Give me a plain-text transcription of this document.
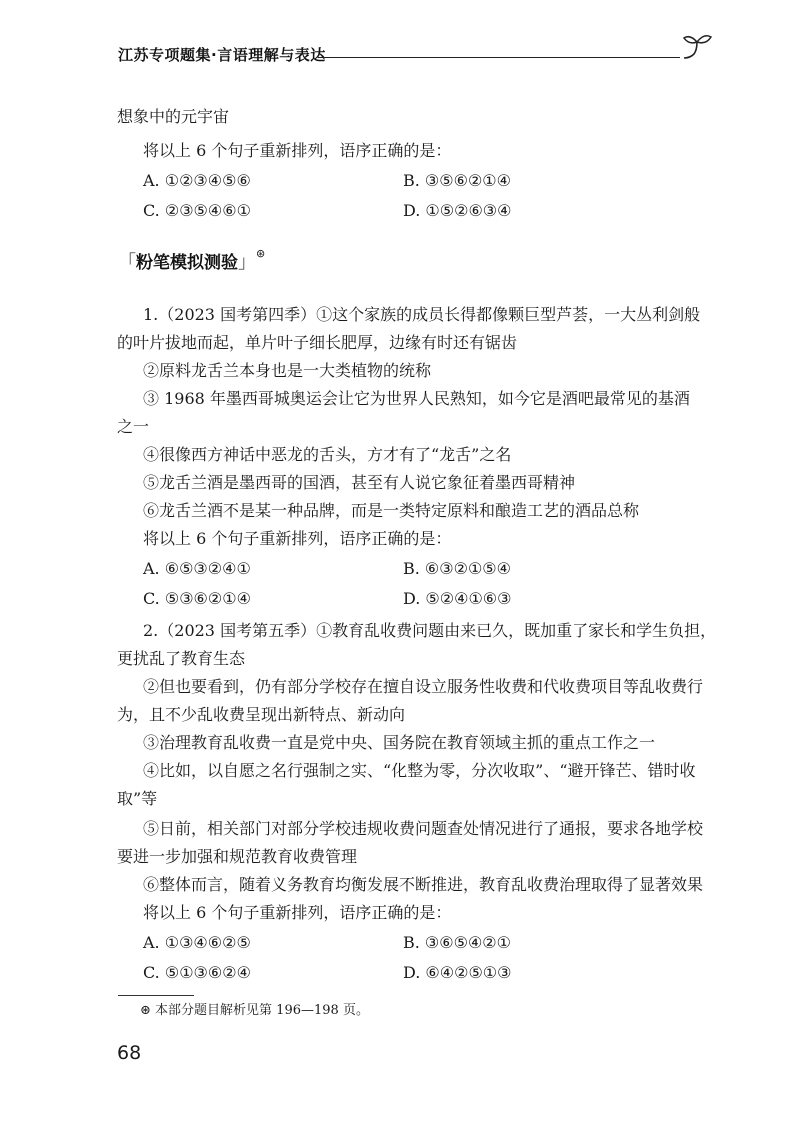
江苏专项题集·言语理解与表达
想象中的元宇宙
将以上 6 个句子重新排列，语序正确的是：
A. ①②③④⑤⑥	B. ③⑤⑥②①④
C. ②③⑤④⑥①	D. ①⑤②⑥③④
「粉笔模拟测验」⊛
1.（2023 国考第四季）①这个家族的成员长得都像颗巨型芦荟，一大丛利剑般
的叶片拔地而起，单片叶子细长肥厚，边缘有时还有锯齿
②原料龙舌兰本身也是一大类植物的统称
③ 1968 年墨西哥城奥运会让它为世界人民熟知，如今它是酒吧最常见的基酒
之一
④很像西方神话中恶龙的舌头，方才有了“龙舌”之名
⑤龙舌兰酒是墨西哥的国酒，甚至有人说它象征着墨西哥精神
⑥龙舌兰酒不是某一种品牌，而是一类特定原料和酿造工艺的酒品总称
将以上 6 个句子重新排列，语序正确的是：
A. ⑥⑤③②④①	B. ⑥③②①⑤④
C. ⑤③⑥②①④	D. ⑤②④①⑥③
2.（2023 国考第五季）①教育乱收费问题由来已久，既加重了家长和学生负担，
更扰乱了教育生态
②但也要看到，仍有部分学校存在擅自设立服务性收费和代收费项目等乱收费行
为，且不少乱收费呈现出新特点、新动向
③治理教育乱收费一直是党中央、国务院在教育领域主抓的重点工作之一
④比如，以自愿之名行强制之实、“化整为零，分次收取”、“避开锋芒、错时收
取”等
⑤日前，相关部门对部分学校违规收费问题查处情况进行了通报，要求各地学校
要进一步加强和规范教育收费管理
⑥整体而言，随着义务教育均衡发展不断推进，教育乱收费治理取得了显著效果
将以上 6 个句子重新排列，语序正确的是：
A. ①③④⑥②⑤	B. ③⑥⑤④②①
C. ⑤①③⑥②④	D. ⑥④②⑤①③
⊛ 本部分题目解析见第 196—198 页。
68
